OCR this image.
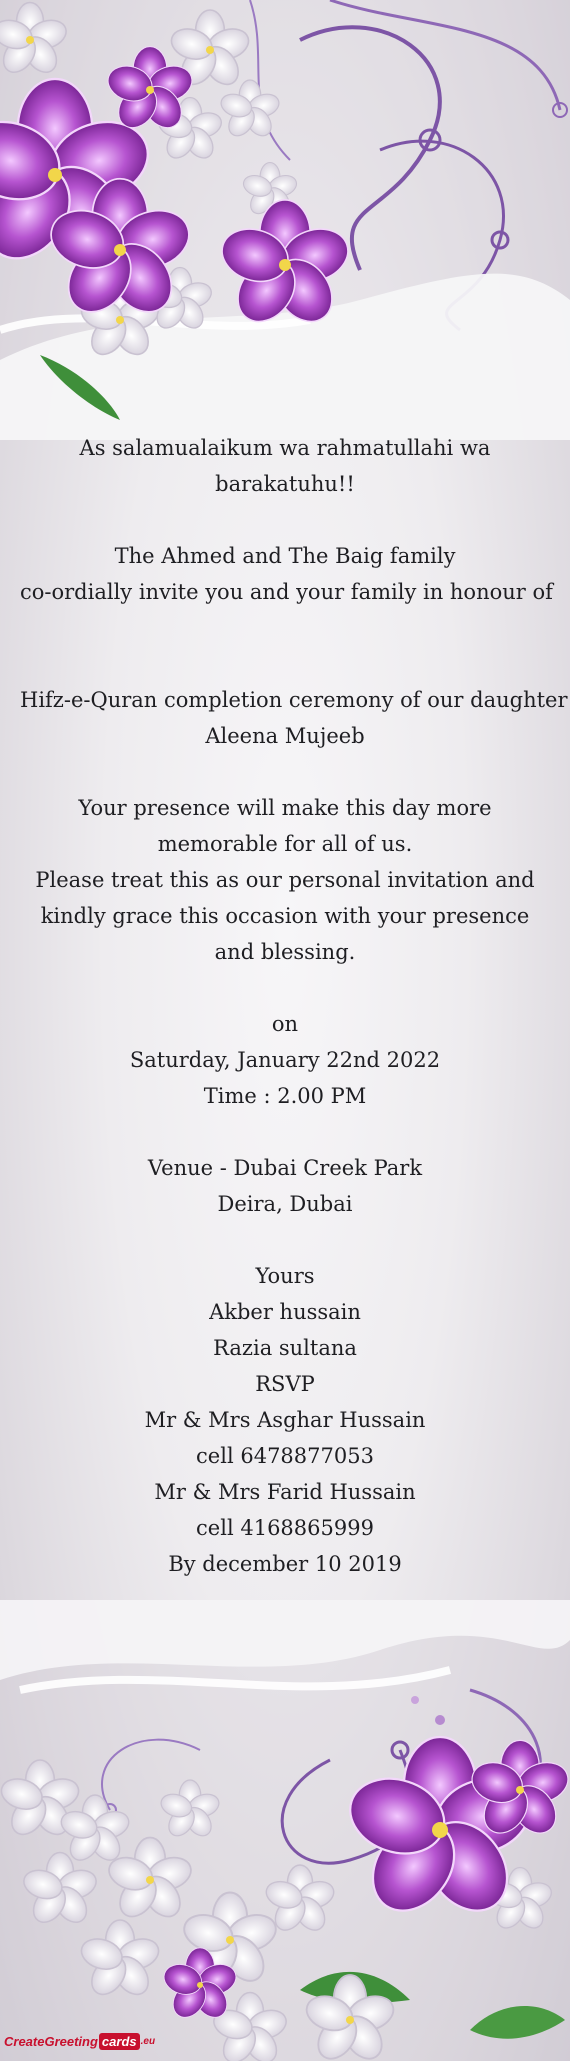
As salamualaikum wa rahmatullahi wa barakatuhu!!
The Ahmed and The Baig family
co-ordially invite you and your family in honour of
Hifz-e-Quran completion ceremony of our daughter
Aleena Mujeeb
Your presence will make this day more memorable for all of us.
Please treat this as our personal invitation and kindly grace this occasion with your presence and blessing.
on
Saturday, January 22nd 2022
Time : 2.00 PM
Venue - Dubai Creek Park
Deira, Dubai
Yours
Akber hussain
Razia sultana
RSVP
Mr & Mrs Asghar Hussain
cell 6478877053
Mr & Mrs Farid Hussain
cell 4168865999
By december 10 2019
CreateGreeting cards .eu
